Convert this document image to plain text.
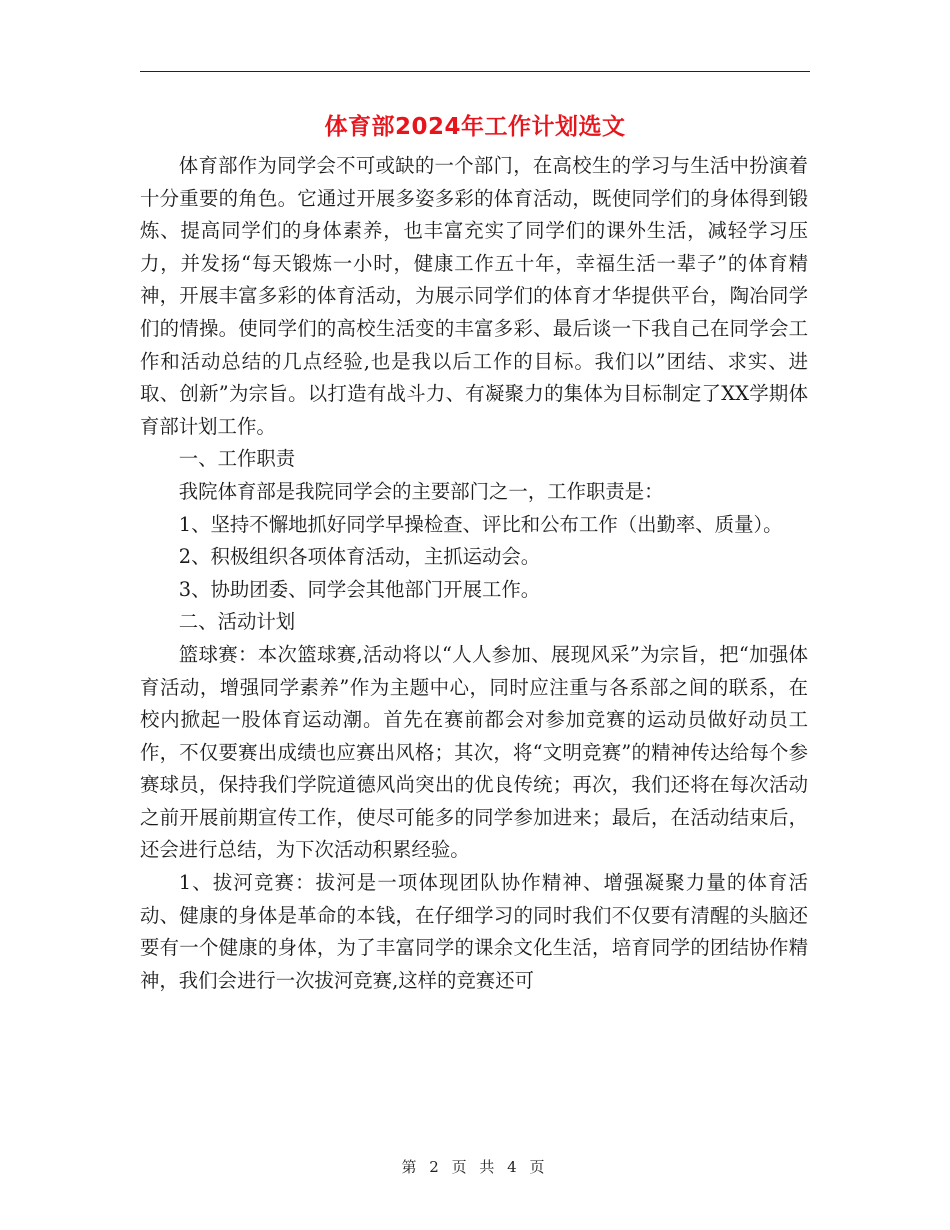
体育部2024年工作计划选文

体育部作为同学会不可或缺的一个部门，在高校生的学习与生活中扮演着十分重要的角色。它通过开展多姿多彩的体育活动，既使同学们的身体得到锻炼、提高同学们的身体素养，也丰富充实了同学们的课外生活，减轻学习压力，并发扬“每天锻炼一小时，健康工作五十年，幸福生活一辈子”的体育精神，开展丰富多彩的体育活动，为展示同学们的体育才华提供平台，陶冶同学们的情操。使同学们的高校生活变的丰富多彩、最后谈一下我自己在同学会工作和活动总结的几点经验,也是我以后工作的目标。我们以”团结、求实、进取、创新”为宗旨。以打造有战斗力、有凝聚力的集体为目标制定了XX学期体育部计划工作。

一、工作职责

我院体育部是我院同学会的主要部门之一，工作职责是：

1、坚持不懈地抓好同学早操检查、评比和公布工作（出勤率、质量）。

2、积极组织各项体育活动，主抓运动会。

3、协助团委、同学会其他部门开展工作。

二、活动计划

篮球赛：本次篮球赛,活动将以“人人参加、展现风采”为宗旨，把“加强体育活动，增强同学素养”作为主题中心，同时应注重与各系部之间的联系，在校内掀起一股体育运动潮。首先在赛前都会对参加竞赛的运动员做好动员工作，不仅要赛出成绩也应赛出风格；其次，将“文明竞赛”的精神传达给每个参赛球员，保持我们学院道德风尚突出的优良传统；再次，我们还将在每次活动之前开展前期宣传工作，使尽可能多的同学参加进来；最后，在活动结束后，还会进行总结，为下次活动积累经验。

1、拔河竞赛：拔河是一项体现团队协作精神、增强凝聚力量的体育活动、健康的身体是革命的本钱，在仔细学习的同时我们不仅要有清醒的头脑还要有一个健康的身体，为了丰富同学的课余文化生活，培育同学的团结协作精神，我们会进行一次拔河竞赛,这样的竞赛还可

第 2 页 共 4 页
